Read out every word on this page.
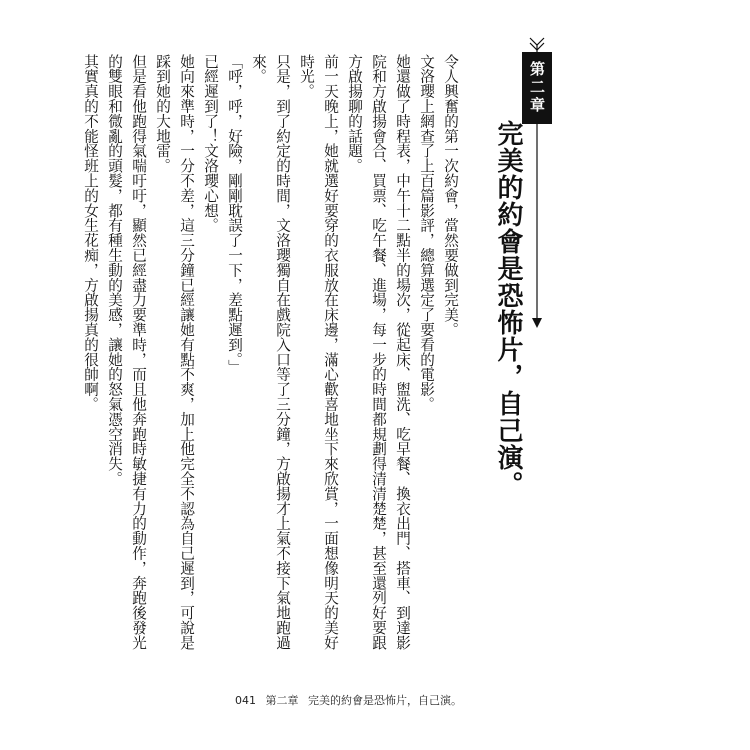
第二章
完美的約會是恐怖片，自己演。

令人興奮的第一次約會，當然要做到完美。

文洛瓔上網查了上百篇影評，總算選定了要看的電影。

她還做了時程表，中午十二點半的場次，從起床、盥洗、吃早餐、換衣出門、搭車、到達影院和方啟揚會合、買票、吃午餐、進場，每一步的時間都規劃得清清楚楚，甚至還列好要跟方啟揚聊的話題。

前一天晚上，她就選好要穿的衣服放在床邊，滿心歡喜地坐下來欣賞，一面想像明天的美好時光。

只是，到了約定的時間，文洛瓔獨自在戲院入口等了三分鐘，方啟揚才上氣不接下氣地跑過來。

「呼，呼，好險，剛剛耽誤了一下，差點遲到。」

已經遲到了！文洛瓔心想。

她向來準時，一分不差，這三分鐘已經讓她有點不爽，加上他完全不認為自己遲到，可說是踩到她的大地雷。

但是看他跑得氣喘吁吁，顯然已經盡力要準時，而且他奔跑時敏捷有力的動作，奔跑後發光的雙眼和微亂的頭髮，都有種生動的美感，讓她的怒氣憑空消失。

其實真的不能怪班上的女生花痴，方啟揚真的很帥啊。

041 第二章 完美的約會是恐怖片，自己演。
